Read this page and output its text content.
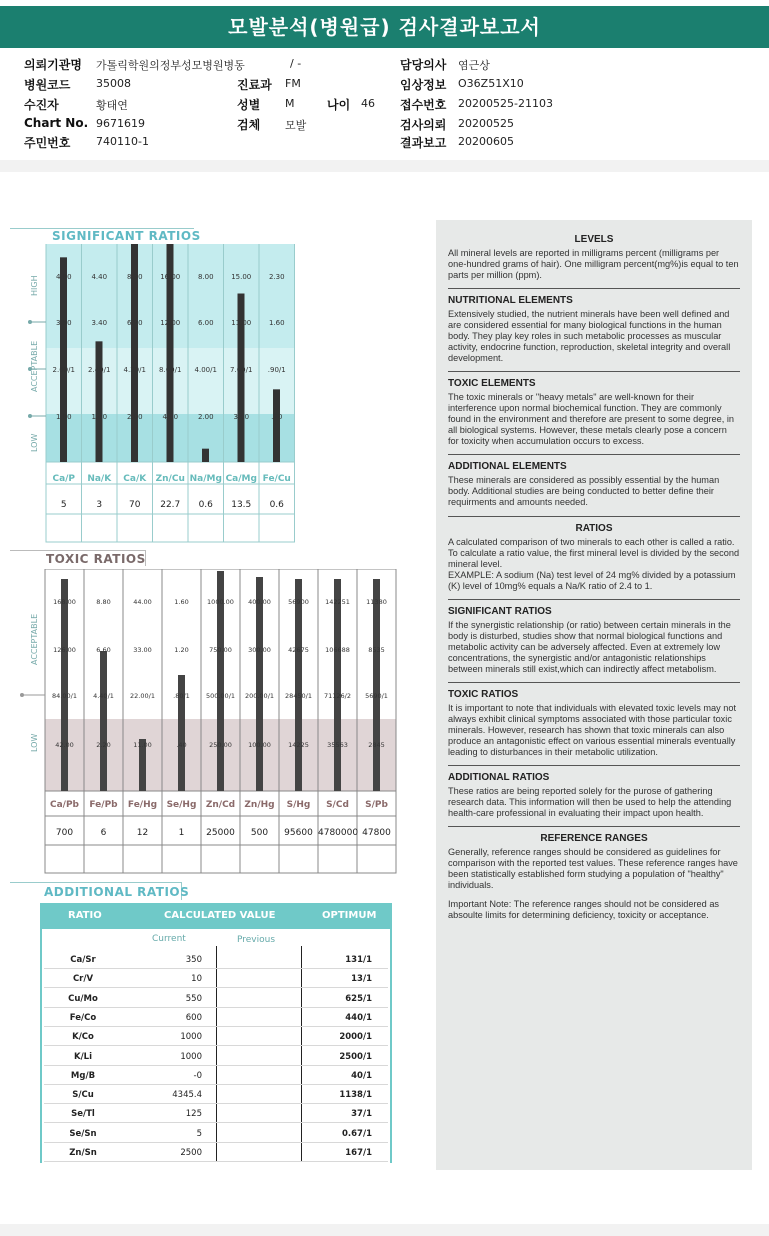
모발분석(병원급) 검사결과보고서
의뢰기관명 가톨릭학원의정부성모병원병동	/ -	담당의사 염근상
병원코드 35008	진료과 FM	임상정보 O36Z51X10
수진자	황태연	성별 M	나이 46 접수번호 20200525-21103
Chart No. 9671619	검체 모발	검사의뢰 20200525
주민번호 740110-1	결과보고 20200605
SIGNIFICANT RATIOS
4.60
3.50
2.60/1
1.60
4.40
3.40
2.40/1
1.40
8.30
6.20
4.20/1
2.00
16.00
12.00
8.00/1
4.00
8.00
6.00
4.00/1
2.00
15.00
11.00
7.00/1
3.00
2.30
1.60
.90/1
.20
HIGH
ACCEPTABLE
LOW
Ca/P	Na/K	Ca/K	Zn/Cu Na/Mg Ca/Mg Fe/Cu
5	3	70	22.7	0.6	13.5	0.6
TOXIC RATIOS
168.00
126.00
84.00/1
42.00
8.80
6.60
4.40/1
2.20
44.00
33.00
22.00/1
11.00
1.60
1.20
.80/1
.40
1000.00
750.00
500.00/1
250.00
400.00
300.00
200.00/1
100.00
56900
42675
28450/1
14225
142251
106688
71126/2
35563
11380
8535
5690/1
2845
ACCEPTABLE
LOW
Ca/Pb	Fe/Pb	Fe/Hg	Se/Hg	Zn/Cd	Zn/Hg	S/Hg	S/Cd	S/Pb
700	6	12	1	25000	500	95600 4780000 47800
ADDITIONAL RATIOS
RATIO	CALCULATED VALUE	OPTIMUM
Current	Previous
Ca/Sr	350	131/1
Cr/V	10	13/1
Cu/Mo	550	625/1
Fe/Co	600	440/1
K/Co	1000	2000/1
K/Li	1000	2500/1
Mg/B	-0	40/1
S/Cu	4345.4	1138/1
Se/Tl	125	37/1
Se/Sn	5	0.67/1
Zn/Sn	2500	167/1
LEVELS

All mineral levels are reported in milligrams percent (milligrams per one-hundred grams of hair). One milligram percent(mg%)is equal to ten parts per million (ppm).

NUTRITIONAL ELEMENTS

Extensively studied, the nutrient minerals have been well defined and are considered essential for many biological functions in the human body. They play key roles in such metabolic processes as muscular activity, endocrine function, reproduction, skeletal integrity and overall development.

TOXIC ELEMENTS

The toxic minerals or "heavy metals" are well-known for their interference upon normal biochemical function. They are commonly found in the environment and therefore are present to some degree, in all biological systems. However, these metals clearly pose a concern for toxicity when accumulation occurs to excess.

ADDITIONAL ELEMENTS

These minerals are considered as possibly essential by the human body. Additional studies are being conducted to better define their requirments and amounts needed.

RATIOS

A calculated comparison of two minerals to each other is called a ratio. To calculate a ratio value, the first mineral level is divided by the second mineral level.

EXAMPLE: A sodium (Na) test level of 24 mg% divided by a potassium (K) level of 10mg% equals a Na/K ratio of 2.4 to 1.

SIGNIFICANT RATIOS

If the synergistic relationship (or ratio) between certain minerals in the body is disturbed, studies show that normal biological functions and metabolic activity can be adversely affected. Even at extremely low concentrations, the synergistic and/or antagonistic relationships between minerals still exist,which can indirectly affect metabolism.

TOXIC RATIOS

It is important to note that individuals with elevated toxic levels may not always exhibit clinical symptoms associated with those particular toxic minerals. However, research has shown that toxic minerals can also produce an antagonistic effect on various essential minerals eventually leading to disturbances in their metabolic utilization.

ADDITIONAL RATIOS

These ratios are being reported solely for the purose of gathering research data. This information will then be used to help the attending health-care professional in evaluating their impact upon health.

REFERENCE RANGES

Generally, reference ranges should be considered as guidelines for comparison with the reported test values. These reference ranges have been statistically established form studying a population of "healthy" individuals.

Important Note: The reference ranges should not be considered as absoulte limits for determining deficiency, toxicity or acceptance.
